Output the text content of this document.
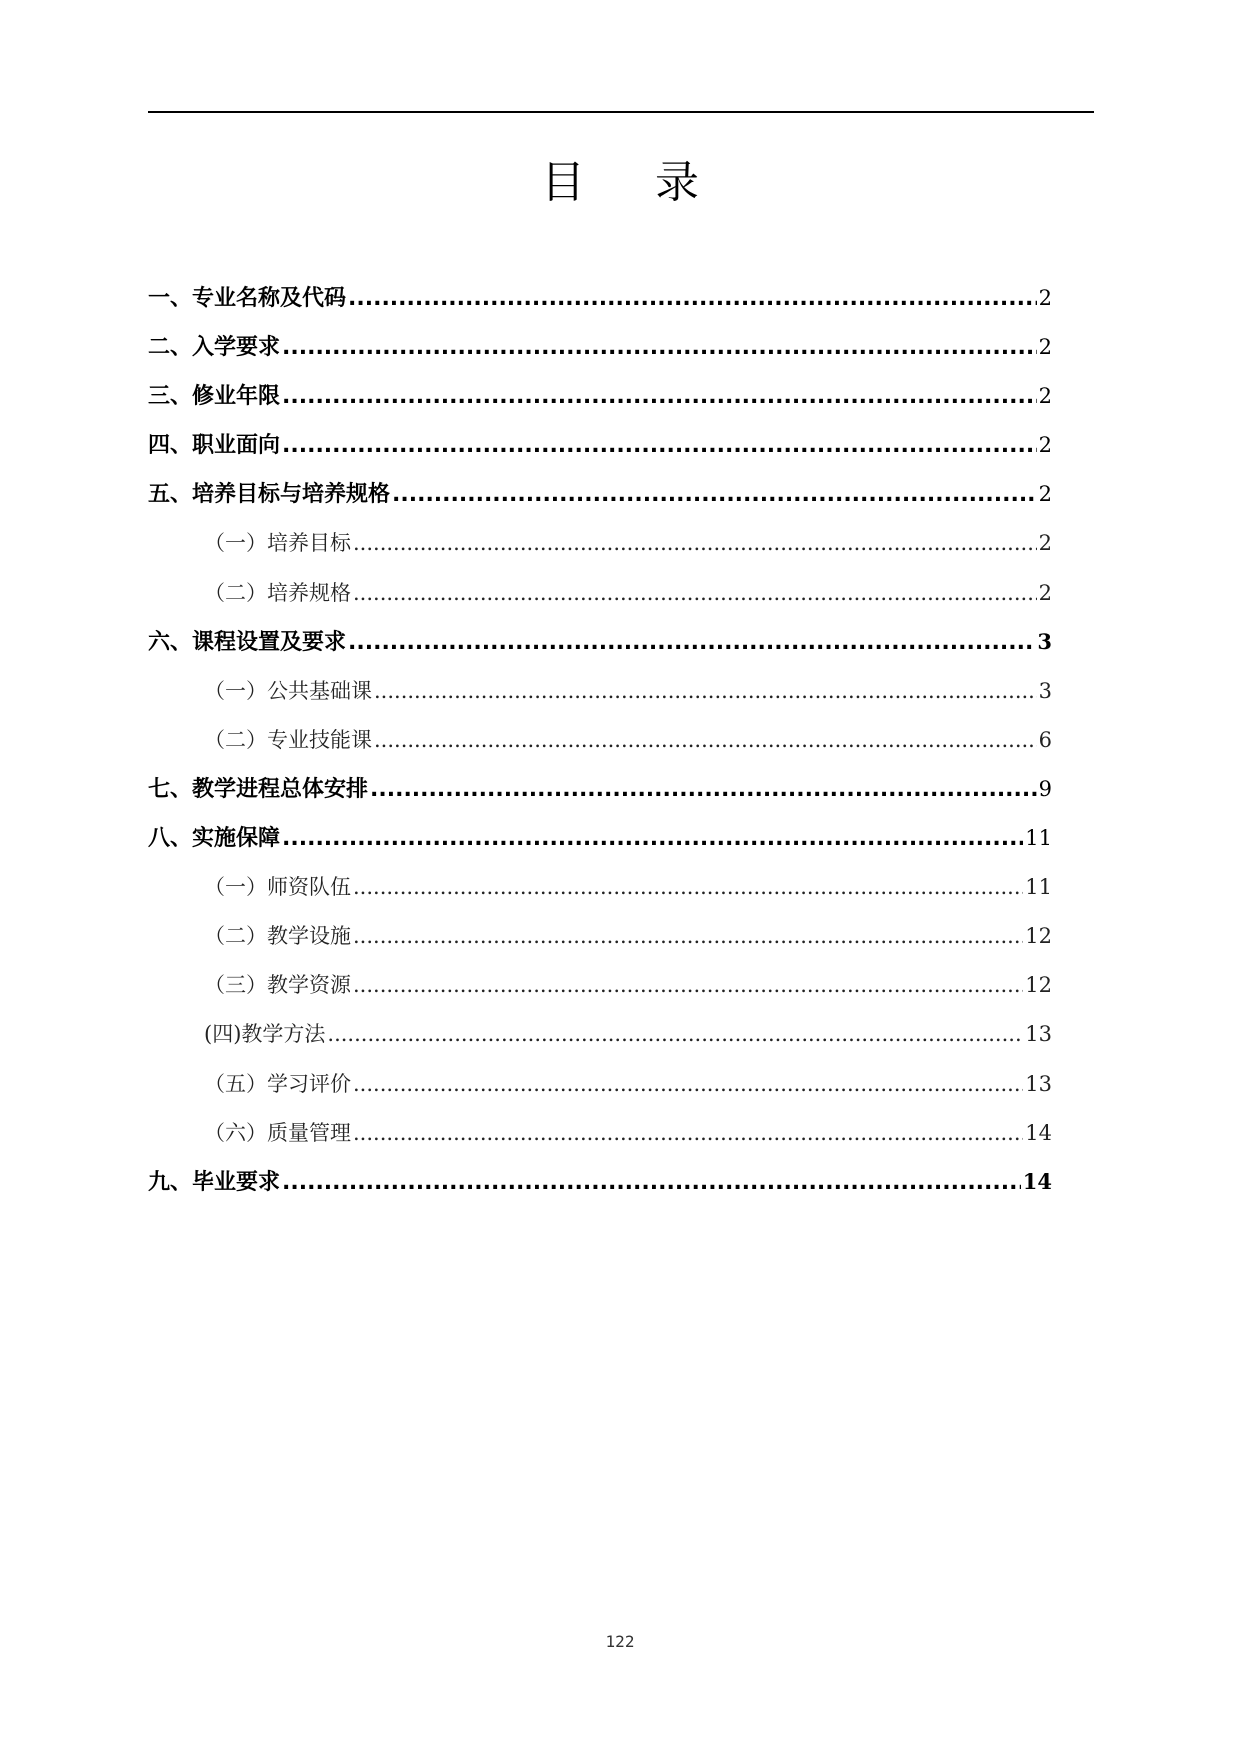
目 录
一、专业名称及代码 .....	2
二、入学要求 .....	2
三、修业年限 .....	2
四、职业面向 .....	2
五、培养目标与培养规格 .....	2
（一）培养目标 .....	2
（二）培养规格 .....	2
六、课程设置及要求 .....	3
（一）公共基础课 .....	3
（二）专业技能课 .....	6
七、教学进程总体安排 .....	9
八、实施保障 .....	11
（一）师资队伍 .....	11
（二）教学设施 .....	12
（三）教学资源 .....	12
(四)教学方法 .....	13
（五）学习评价 .....	13
（六）质量管理 .....	14
九、毕业要求 .....	14
122
